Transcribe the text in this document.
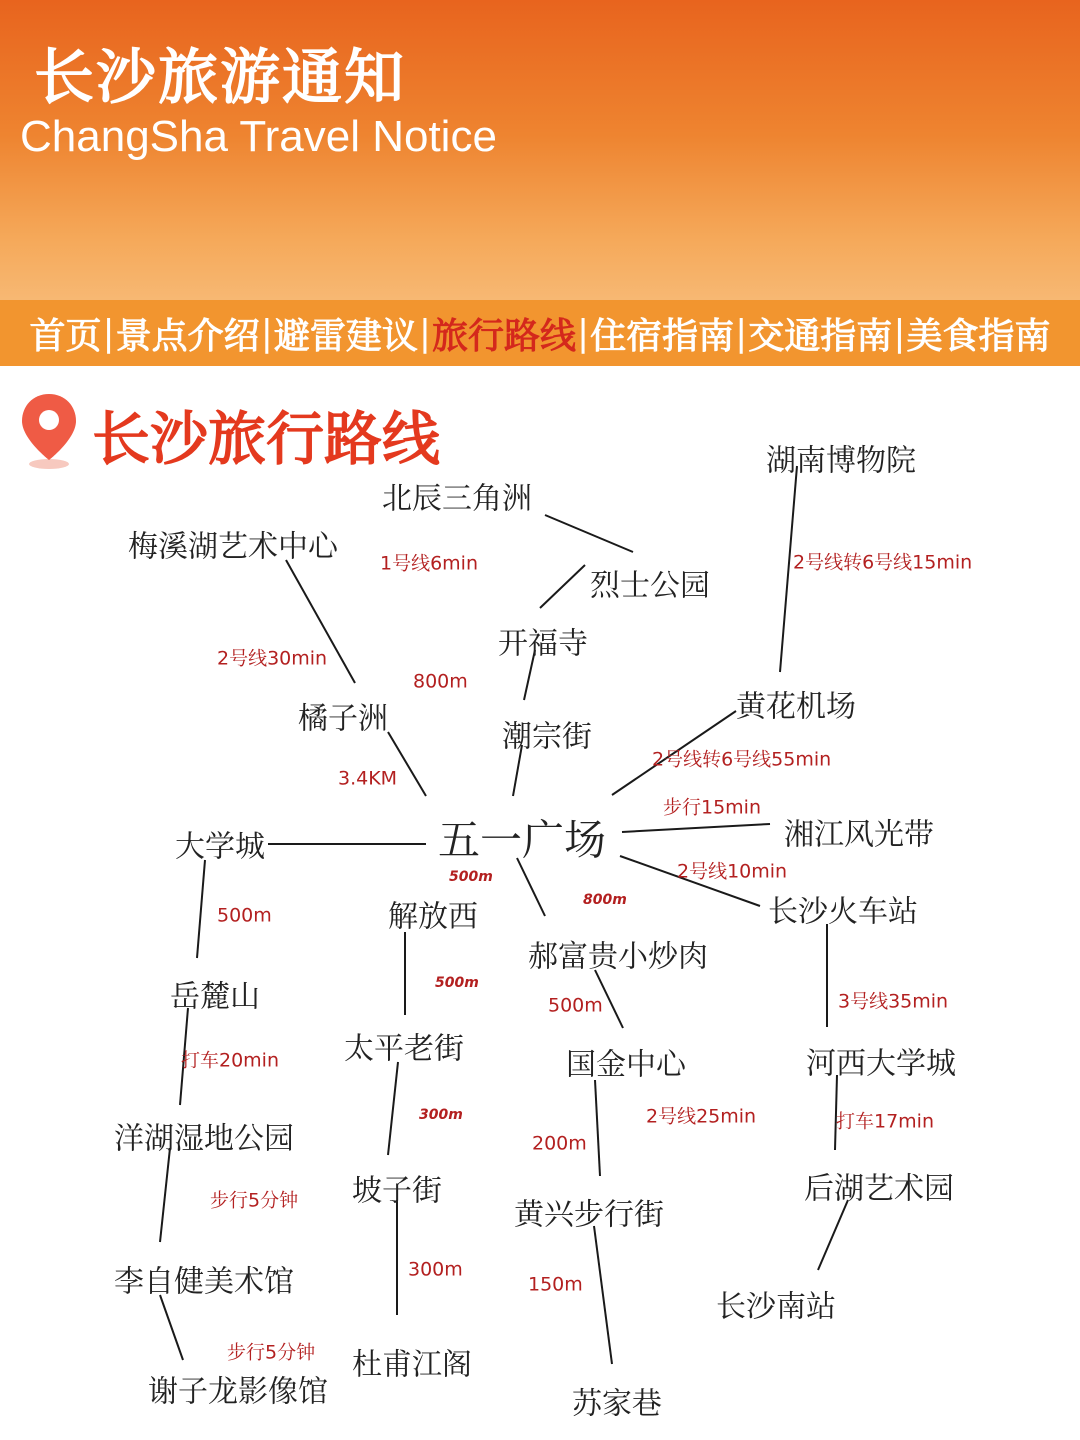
长沙旅游通知
ChangSha Travel Notice
首页 | 景点介绍 | 避雷建议 | 旅行路线 | 住宿指南 | 交通指南 | 美食指南
长沙旅行路线
五一广场
北辰三角洲
梅溪湖艺术中心
烈士公园
开福寺
潮宗街
橘子洲
湖南博物院
黄花机场
湘江风光带
长沙火车站
大学城
岳麓山
洋湖湿地公园
李自健美术馆
谢子龙影像馆
解放西
太平老街
坡子街
杜甫江阁
郝富贵小炒肉
国金中心
黄兴步行街
苏家巷
河西大学城
后湖艺术园
长沙南站
1号线6min
800m
2号线30min
3.4KM
2号线转6号线15min
2号线转6号线55min
步行15min
2号线10min
500m
打车20min
步行5分钟
步行5分钟
500m
500m
300m
300m
800m
500m
200m
2号线25min
150m
3号线35min
打车17min
